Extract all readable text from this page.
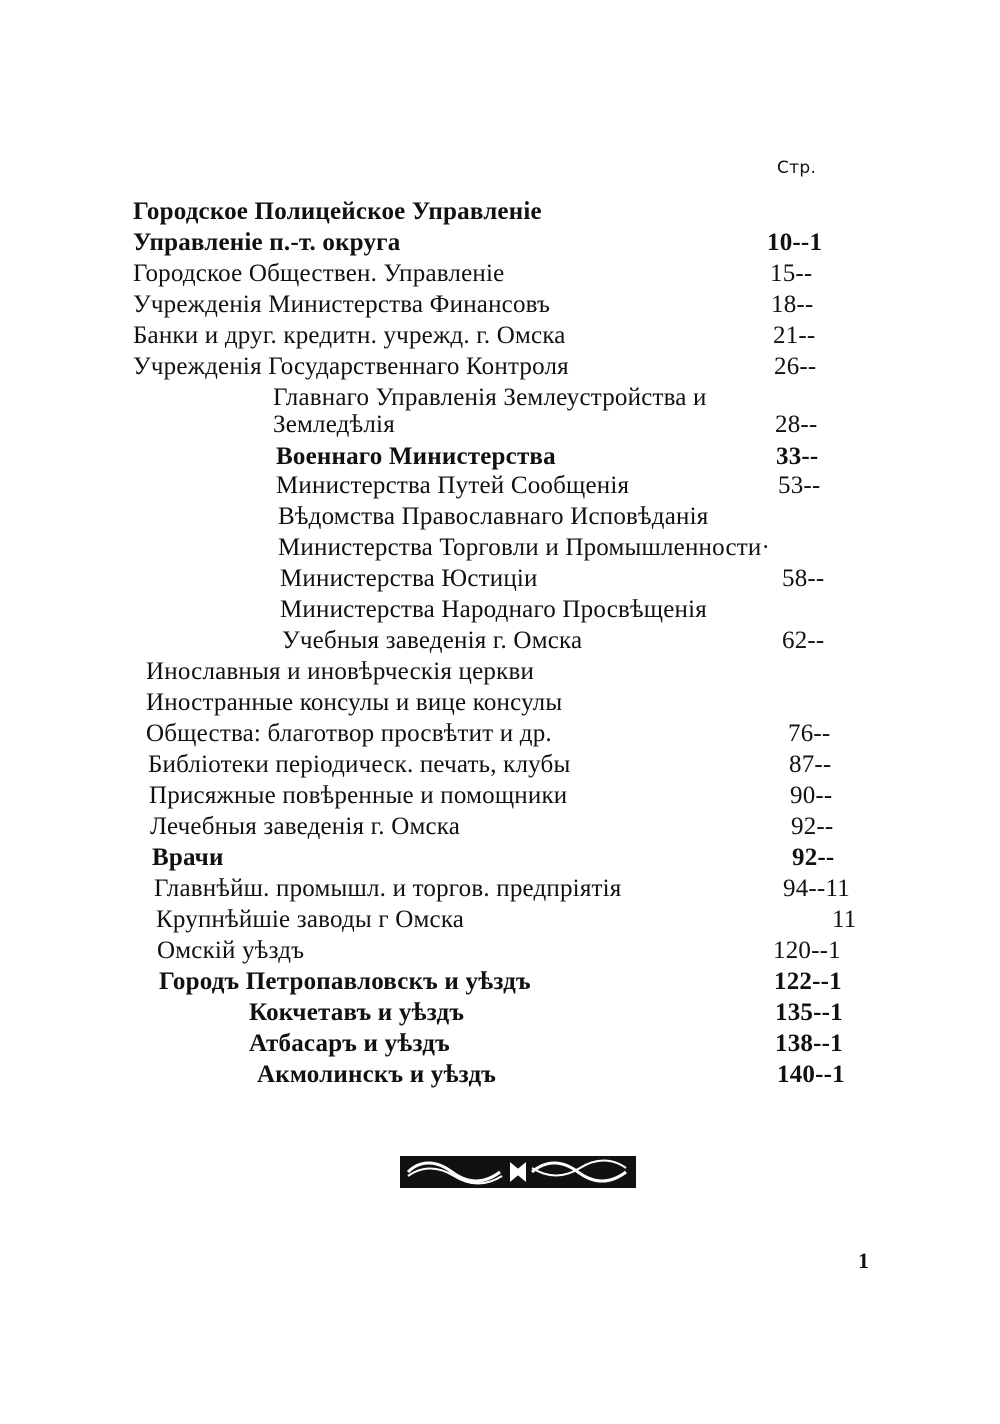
Стр.
Городское Полицейское Управленіе
Управленіе п.-т. округа	10--1
Городское Обществен. Управленіе	15--
Учрежденія Министерства Финансовъ	18--
Банки и друг. кредитн. учрежд. г. Омска	21--
Учрежденія Государственнаго Контроля	26--
Главнаго Управленія Землеустройства и
Земледѣлія	28--
Военнаго Министерства	33--
Министерства Путей Сообщенія	53--
Вѣдомства Православнаго Исповѣданія
Министерства Торговли и Промышленности·
Министерства Юстиціи	58--
Министерства Народнаго Просвѣщенія
Учебныя заведенія г. Омска	62--
Инославныя и иновѣрческія церкви
Иностранные консулы и вице консулы
Общества: благотвор просвѣтит и др.	76--
Библіотеки періодическ. печать, клубы	87--
Присяжные повѣренные и помощники	90--
Лечебныя заведенія г. Омска	92--
Врачи	92--
Главнѣйш. промышл. и торгов. предпріятія	94--11
Крупнѣйшіе заводы г Омска	11
Омскій уѣздъ	120--1
Городъ Петропавловскъ и уѣздъ	122--1
Кокчетавъ и уѣздъ	135--1
Атбасаръ и уѣздъ	138--1
Акмолинскъ и уѣздъ	140--1
1
